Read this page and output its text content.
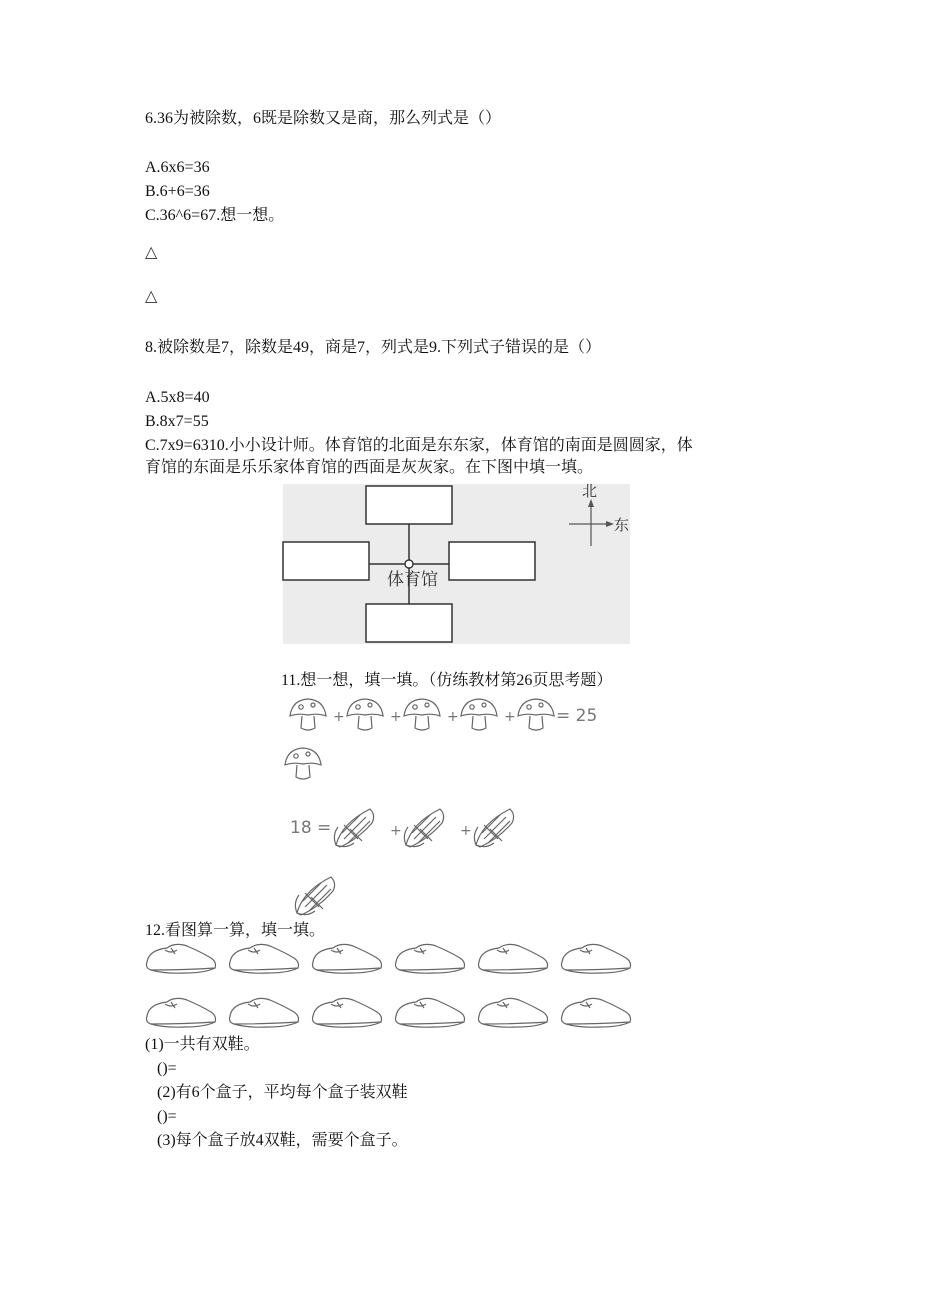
6.36为被除数，6既是除数又是商，那么列式是（）
A.6x6=36
B.6+6=36
C.36^6=67.想一想。
△
△
8.被除数是7，除数是49，商是7，列式是9.下列式子错误的是（）
A.5x8=40
B.8x7=55
C.7x9=6310.小小设计师。体育馆的北面是东东家，体育馆的南面是圆圆家，体
育馆的东面是乐乐家体育馆的西面是灰灰家。在下图中填一填。
体育馆
北
东
11.想一想，填一填。（仿练教材第26页思考题）
+	+	+	+ = 25
18 =	+	+
12.看图算一算，填一填。
(1)一共有双鞋。
()=
(2)有6个盒子，平均每个盒子装双鞋
()=
(3)每个盒子放4双鞋，需要个盒子。
